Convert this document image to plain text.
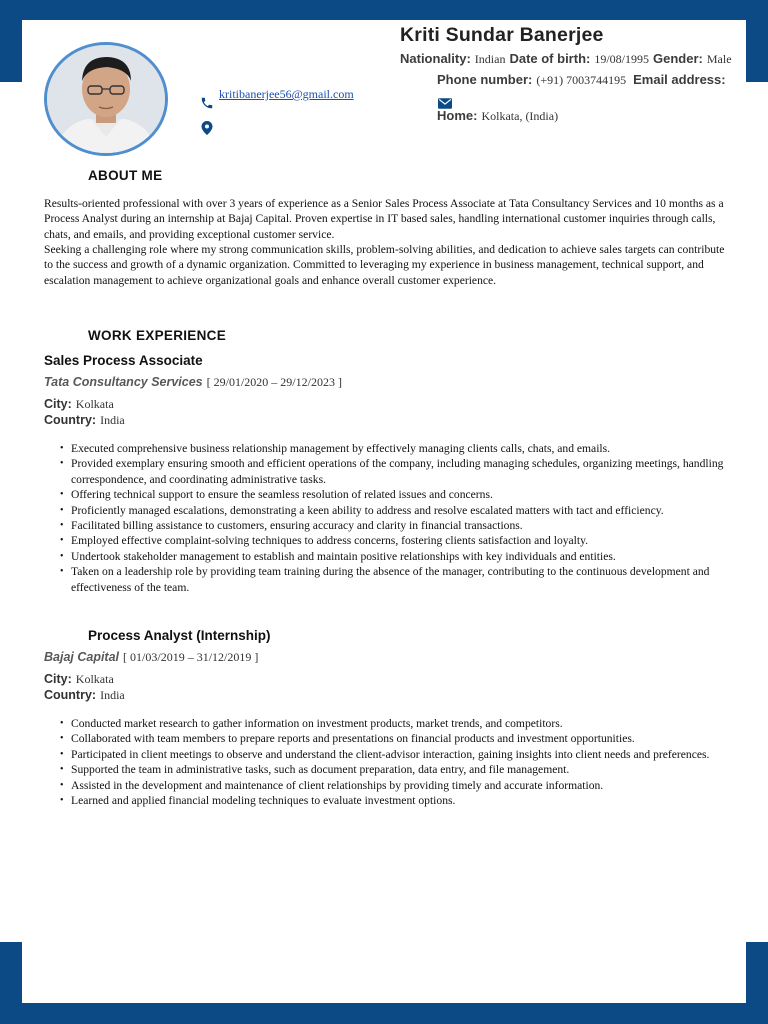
Kriti Sundar Banerjee
Nationality: Indian Date of birth: 19/08/1995 Gender: Male
Phone number: (+91) 7003744195 Email address:
kritibanerjee56@gmail.com
Home: Kolkata, (India)
ABOUT ME
Results-oriented professional with over 3 years of experience as a Senior Sales Process Associate at Tata Consultancy Services and 10 months as a Process Analyst during an internship at Bajaj Capital. Proven expertise in IT based sales, handling international customer inquiries through calls, chats, and emails, and providing exceptional customer service.
Seeking a challenging role where my strong communication skills, problem-solving abilities, and dedication to achieve sales targets can contribute to the success and growth of a dynamic organization. Committed to leveraging my experience in business management, technical support, and escalation management to achieve organizational goals and enhance overall customer experience.
WORK EXPERIENCE
Sales Process Associate
Tata Consultancy Services [ 29/01/2020 – 29/12/2023 ]
City: Kolkata
Country: India
• Executed comprehensive business relationship management by effectively managing clients calls, chats, and emails.
• Provided exemplary ensuring smooth and efficient operations of the company, including managing schedules, organizing meetings, handling correspondence, and coordinating administrative tasks.
• Offering technical support to ensure the seamless resolution of related issues and concerns.
• Proficiently managed escalations, demonstrating a keen ability to address and resolve escalated matters with tact and efficiency.
• Facilitated billing assistance to customers, ensuring accuracy and clarity in financial transactions.
• Employed effective complaint-solving techniques to address concerns, fostering clients satisfaction and loyalty.
• Undertook stakeholder management to establish and maintain positive relationships with key individuals and entities.
• Taken on a leadership role by providing team training during the absence of the manager, contributing to the continuous development and effectiveness of the team.
Process Analyst (Internship)
Bajaj Capital [ 01/03/2019 – 31/12/2019 ]
City: Kolkata
Country: India
• Conducted market research to gather information on investment products, market trends, and competitors.
• Collaborated with team members to prepare reports and presentations on financial products and investment opportunities.
• Participated in client meetings to observe and understand the client-advisor interaction, gaining insights into client needs and preferences.
• Supported the team in administrative tasks, such as document preparation, data entry, and file management.
• Assisted in the development and maintenance of client relationships by providing timely and accurate information.
• Learned and applied financial modeling techniques to evaluate investment options.
